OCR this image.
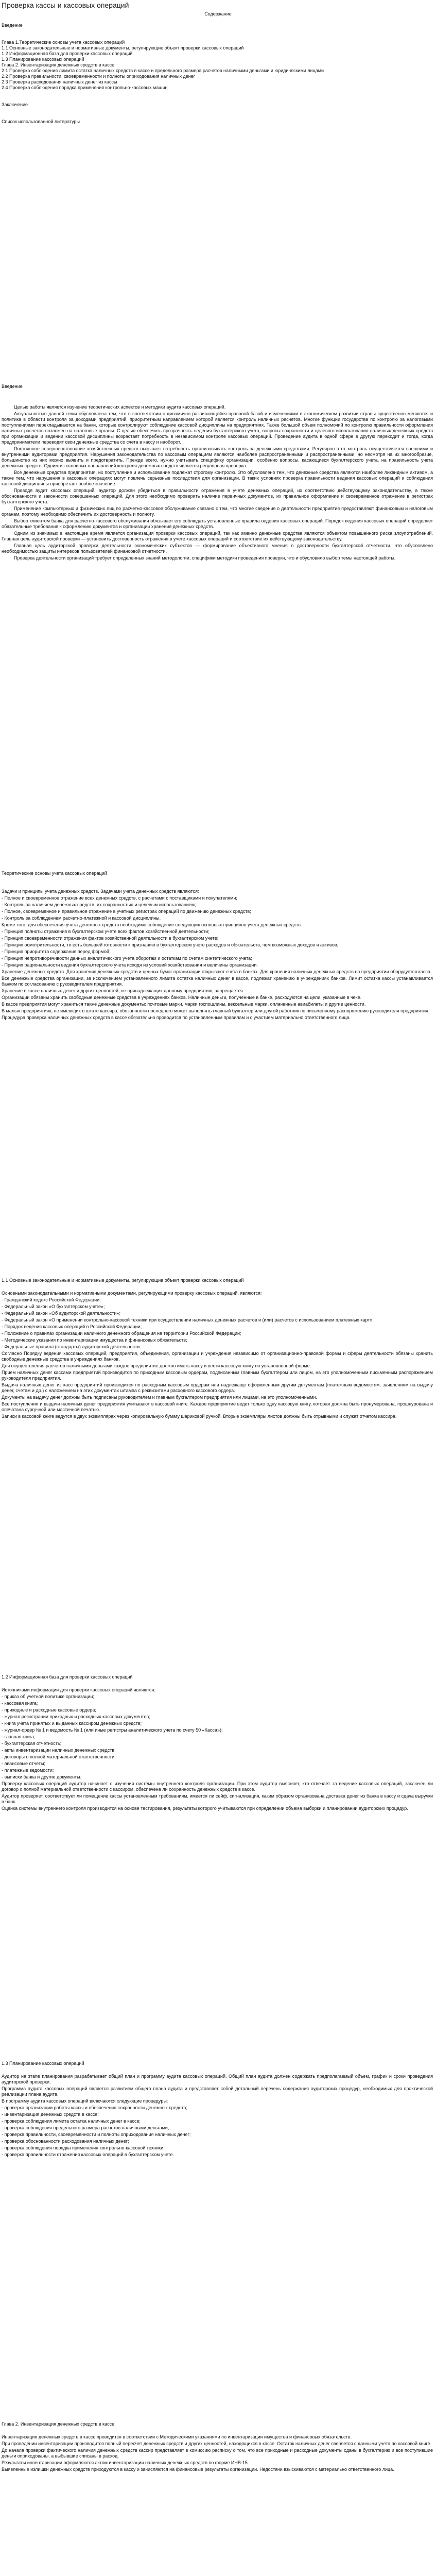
Проверка кассы и кассовых операций
Содержание
Введение
Глава 1.Теоретические основы учета кассовых операций
1.1 Основные законодательные и нормативные документы, регулирующие объект проверки кассовых операций
1.2 Информационная база для проверки кассовых операций
1.3 Планирование кассовых операций
Глава 2. Инвентаризация денежных средств в кассе
2.1 Проверка соблюдения лимита остатка наличных средств в кассе и предельного размера расчетов наличными деньгами и юридическими лицами
2.2 Проверка правильности, своевременности и полноты оприходования наличных денег
2.3 Проверка расходования наличных денег из кассы
2.4 Проверка соблюдения порядка применения контрольно-кассовых машин
Заключение
Список использованной литературы
Введение

Целью работы является изучение теоретических аспектов и методики аудита кассовых операций.

Актуальностью данной темы обусловлена тем, что в соответствии с динамично развивающейся правовой базой и изменениями в экономическом развитии страны существенно меняются и политика в области контроля за доходами предприятий, приоритетным направлением которой является контроль наличных расчетов. Многие функции государства по контролю за налоговыми поступлениями перекладываются на банки, которые контролируют соблюдение кассовой дисциплины на предприятиях. Также большой объем полномочий по контролю правильности оформления наличных расчетов возложен на налоговые органы. С целью обеспечить прозрачность ведения бухгалтерского учета, вопросы сохранности и целевого использования наличных денежных средств при организации и ведении кассовой дисциплины возрастает потребность в независимом контроле кассовых операций. Проведение аудита в одной сфере в другую переходит и тогда, когда предприниматели переводят свои денежные средства со счета в кассу и наоборот.

Постоянное совершенствование хозяйственных средств вызывает потребность организовывать контроль за денежными средствами. Регулярно этот контроль осуществляется внешними и внутренними аудиторами предприятия. Нарушения законодательства по кассовым операциям являются наиболее распространенными и распространенными, но несмотря на их многообразие, большинство из них можно выявить и предотвратить. Прежде всего, нужно учитывать специфику организации, особенно вопросы, касающиеся бухгалтерского учета, на правильность учета денежных средств. Одним из основных направлений контроля денежных средств является регулярная проверка.

Все денежные средства предприятия, их поступление и использование подлежат строгому контролю. Это обусловлено тем, что денежные средства являются наиболее ликвидным активом, а также тем, что нарушения в кассовых операциях могут повлечь серьезные последствия для организации. В таких условиях проверка правильности ведения кассовых операций и соблюдения кассовой дисциплины приобретает особое значение.

Проводя аудит кассовых операций, аудитор должен убедиться в правильности отражения в учете денежных операций, их соответствию действующему законодательству, а также обоснованности и законности совершенных операций. Для этого необходимо проверить наличие первичных документов, их правильное оформление и своевременное отражение в регистрах бухгалтерского учета.

Применение компьютерных и физических лиц по расчетно-кассовое обслуживание связано с тем, что многие сведения о деятельности предприятия предоставляют финансовым и налоговым органам, поэтому необходимо обеспечить их достоверность и полноту.

Выбор клиентом банка для расчетно-кассового обслуживания обязывает его соблюдать установленные правила ведения кассовых операций. Порядок ведения кассовых операций определяет обязательные требования к оформлению документов и организации хранения денежных средств.

Одним из значимых в настоящее время является организация проверки кассовых операций, так как именно денежные средства являются объектом повышенного риска злоупотреблений. Главная цель аудиторской проверки — установить достоверность отражения в учете кассовых операций и соответствие их действующему законодательству.

Главная цель аудиторской проверки деятельности экономических субъектов — формирование объективного мнения о достоверности бухгалтерской отчетности, что обусловлено необходимостью защиты интересов пользователей финансовой отчетности.

Проверка деятельности организаций требует определенных знаний методологии, специфики методики проведения проверки, что и обусловило выбор темы настоящей работы.

Теоретические основы учета кассовых операций

Задачи и принципы учета денежных средств. Задачами учета денежных средств являются:

- Полное и своевременное отражение всех денежных средств, с расчетами с поставщиками и покупателями;

- Контроль за наличием денежных средств, их сохранностью и целевым использованием;

- Полное, своевременное и правильное отражение в учетных регистрах операций по движению денежных средств;

- Контроль за соблюдением расчетно-платежной и кассовой дисциплины.

Кроме того, для обеспечения учета денежных средств необходимо соблюдение следующих основных принципов учета денежных средств:

- Принцип полноты отражения в бухгалтерском учете всех фактов хозяйственной деятельности;

- Принцип своевременности отражения фактов хозяйственной деятельности в бухгалтерском учете;

- Принцип осмотрительности, то есть большей готовности к признанию в бухгалтерском учете расходов и обязательств, чем возможных доходов и активов;

- Принцип приоритета содержания перед формой;

- Принцип непротиворечивости данных аналитического учета оборотам и остаткам по счетам синтетического учета;

- Принцип рациональности ведения бухгалтерского учета исходя из условий хозяйствования и величины организации.

Хранение денежных средств. Для хранения денежных средств и ценных бумаг организации открывают счета в банках. Для хранения наличных денежных средств на предприятии оборудуется касса.

Все денежные средства организации, за исключением установленного лимита остатка наличных денег в кассе, подлежат хранению в учреждениях банков. Лимит остатка кассы устанавливается банком по согласованию с руководителем предприятия.

Хранение в кассе наличных денег и других ценностей, не принадлежащих данному предприятию, запрещается.

Организации обязаны хранить свободные денежные средства в учреждениях банков. Наличные деньги, полученные в банке, расходуются на цели, указанные в чеке.

В кассе предприятия могут храниться также денежные документы: почтовые марки, марки госпошлины, вексельные марки, оплаченные авиабилеты и другие ценности.

В малых предприятиях, не имеющих в штате кассира, обязанности последнего может выполнять главный бухгалтер или другой работник по письменному распоряжению руководителя предприятия.

Процедура проверки наличных денежных средств в кассе обязательно проводится по установленным правилам и с участием материально ответственного лица.

1.1 Основные законодательные и нормативные документы, регулирующие объект проверки кассовых операций

Основными законодательными и нормативными документами, регулирующими проверку кассовых операций, являются:

- Гражданский кодекс Российской Федерации;

- Федеральный закон «О бухгалтерском учете»;

- Федеральный закон «Об аудиторской деятельности»;

- Федеральный закон «О применении контрольно-кассовой техники при осуществлении наличных денежных расчетов и (или) расчетов с использованием платежных карт»;

- Порядок ведения кассовых операций в Российской Федерации;

- Положение о правилах организации наличного денежного обращения на территории Российской Федерации;

- Методические указания по инвентаризации имущества и финансовых обязательств;

- Федеральные правила (стандарты) аудиторской деятельности.

Согласно Порядку ведения кассовых операций, предприятия, объединения, организации и учреждения независимо от организационно-правовой формы и сферы деятельности обязаны хранить свободные денежные средства в учреждениях банков.

Для осуществления расчетов наличными деньгами каждое предприятие должно иметь кассу и вести кассовую книгу по установленной форме.

Прием наличных денег кассами предприятий производится по приходным кассовым ордерам, подписанным главным бухгалтером или лицом, на это уполномоченным письменным распоряжением руководителя предприятия.

Выдача наличных денег из касс предприятий производится по расходным кассовым ордерам или надлежаще оформленным другим документам (платежным ведомостям, заявлениям на выдачу денег, счетам и др.) с наложением на этих документах штампа с реквизитами расходного кассового ордера.

Документы на выдачу денег должны быть подписаны руководителем и главным бухгалтером предприятия или лицами, на это уполномоченными.

Все поступления и выдачи наличных денег предприятия учитывают в кассовой книге. Каждое предприятие ведет только одну кассовую книгу, которая должна быть пронумерована, прошнурована и опечатана сургучной или мастичной печатью.

Записи в кассовой книге ведутся в двух экземплярах через копировальную бумагу шариковой ручкой. Вторые экземпляры листов должны быть отрывными и служат отчетом кассира.

1.2 Информационная база для проверки кассовых операций

Источниками информации для проверки кассовых операций являются:

- приказ об учетной политике организации;

- кассовая книга;

- приходные и расходные кассовые ордера;

- журнал регистрации приходных и расходных кассовых документов;

- книга учета принятых и выданных кассиром денежных средств;

- журнал-ордер № 1 и ведомость № 1 (или иные регистры аналитического учета по счету 50 «Касса»);

- главная книга;

- бухгалтерская отчетность;

- акты инвентаризации наличных денежных средств;

- договоры о полной материальной ответственности;

- авансовые отчеты;

- платежные ведомости;

- выписки банка и другие документы.

Проверку кассовых операций аудитор начинает с изучения системы внутреннего контроля организации. При этом аудитор выясняет, кто отвечает за ведение кассовых операций, заключен ли договор о полной материальной ответственности с кассиром, обеспечена ли сохранность денежных средств в кассе.

Аудитор проверяет, соответствует ли помещение кассы установленным требованиям, имеется ли сейф, сигнализация, каким образом организована доставка денег из банка в кассу и сдача выручки в банк.

Оценка системы внутреннего контроля производится на основе тестирования, результаты которого учитываются при определении объема выборки и планировании аудиторских процедур.

1.3 Планирование кассовых операций

Аудитор на этапе планирования разрабатывает общий план и программу аудита кассовых операций. Общий план аудита должен содержать предполагаемый объем, график и сроки проведения аудиторской проверки.

Программа аудита кассовых операций является развитием общего плана аудита и представляет собой детальный перечень содержания аудиторских процедур, необходимых для практической реализации плана аудита.

В программу аудита кассовых операций включаются следующие процедуры:

- проверка организации работы кассы и обеспечения сохранности денежных средств;

- инвентаризация денежных средств в кассе;

- проверка соблюдения лимита остатка наличных денег в кассе;

- проверка соблюдения предельного размера расчетов наличными деньгами;

- проверка правильности, своевременности и полноты оприходования наличных денег;

- проверка обоснованности расходования наличных денег;

- проверка соблюдения порядка применения контрольно-кассовой техники;

- проверка правильности отражения кассовых операций в бухгалтерском учете.

Глава 2. Инвентаризация денежных средств в кассе

Инвентаризация денежных средств в кассе проводится в соответствии с Методическими указаниями по инвентаризации имущества и финансовых обязательств.

При проведении инвентаризации производится полный пересчет денежных средств и других ценностей, находящихся в кассе. Остаток наличных денег сверяется с данными учета по кассовой книге.

До начала проверки фактического наличия денежных средств кассир представляет в комиссию расписку о том, что все приходные и расходные документы сданы в бухгалтерию и все поступившие деньги оприходованы, а выбывшие списаны в расход.

Результаты инвентаризации оформляются актом инвентаризации наличных денежных средств по форме ИНВ-15.

Выявленные излишки денежных средств приходуются в кассу и зачисляются на финансовые результаты организации. Недостачи взыскиваются с материально ответственного лица.
